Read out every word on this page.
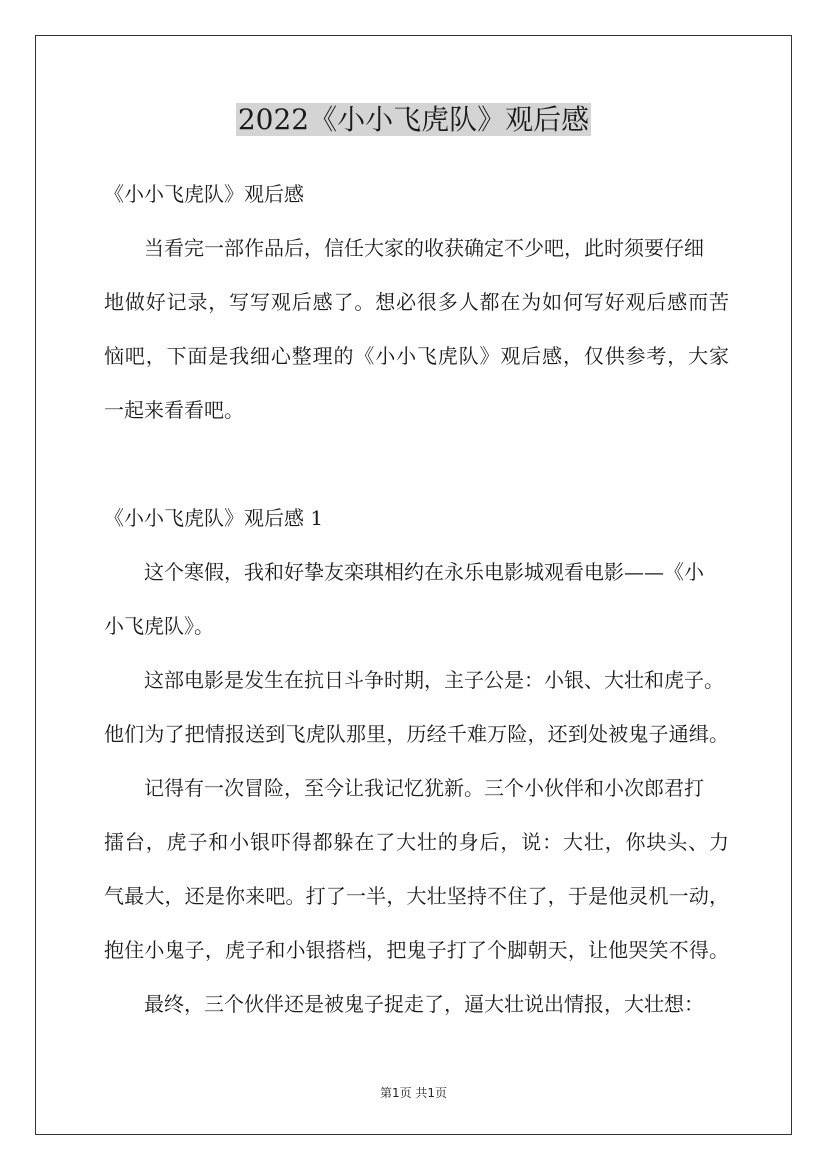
2022《小小飞虎队》观后感
《小小飞虎队》观后感
当看完一部作品后，信任大家的收获确定不少吧，此时须要仔细
地做好记录，写写观后感了。想必很多人都在为如何写好观后感而苦
恼吧，下面是我细心整理的《小小飞虎队》观后感，仅供参考，大家
一起来看看吧。
《小小飞虎队》观后感 1
这个寒假，我和好挚友栾琪相约在永乐电影城观看电影——《小
小飞虎队》。
这部电影是发生在抗日斗争时期，主子公是：小银、大壮和虎子。
他们为了把情报送到飞虎队那里，历经千难万险，还到处被鬼子通缉。
记得有一次冒险，至今让我记忆犹新。三个小伙伴和小次郎君打
擂台，虎子和小银吓得都躲在了大壮的身后，说：大壮，你块头、力
气最大，还是你来吧。打了一半，大壮坚持不住了，于是他灵机一动，
抱住小鬼子，虎子和小银搭档，把鬼子打了个脚朝天，让他哭笑不得。
最终，三个伙伴还是被鬼子捉走了，逼大壮说出情报，大壮想：
第1页 共1页
